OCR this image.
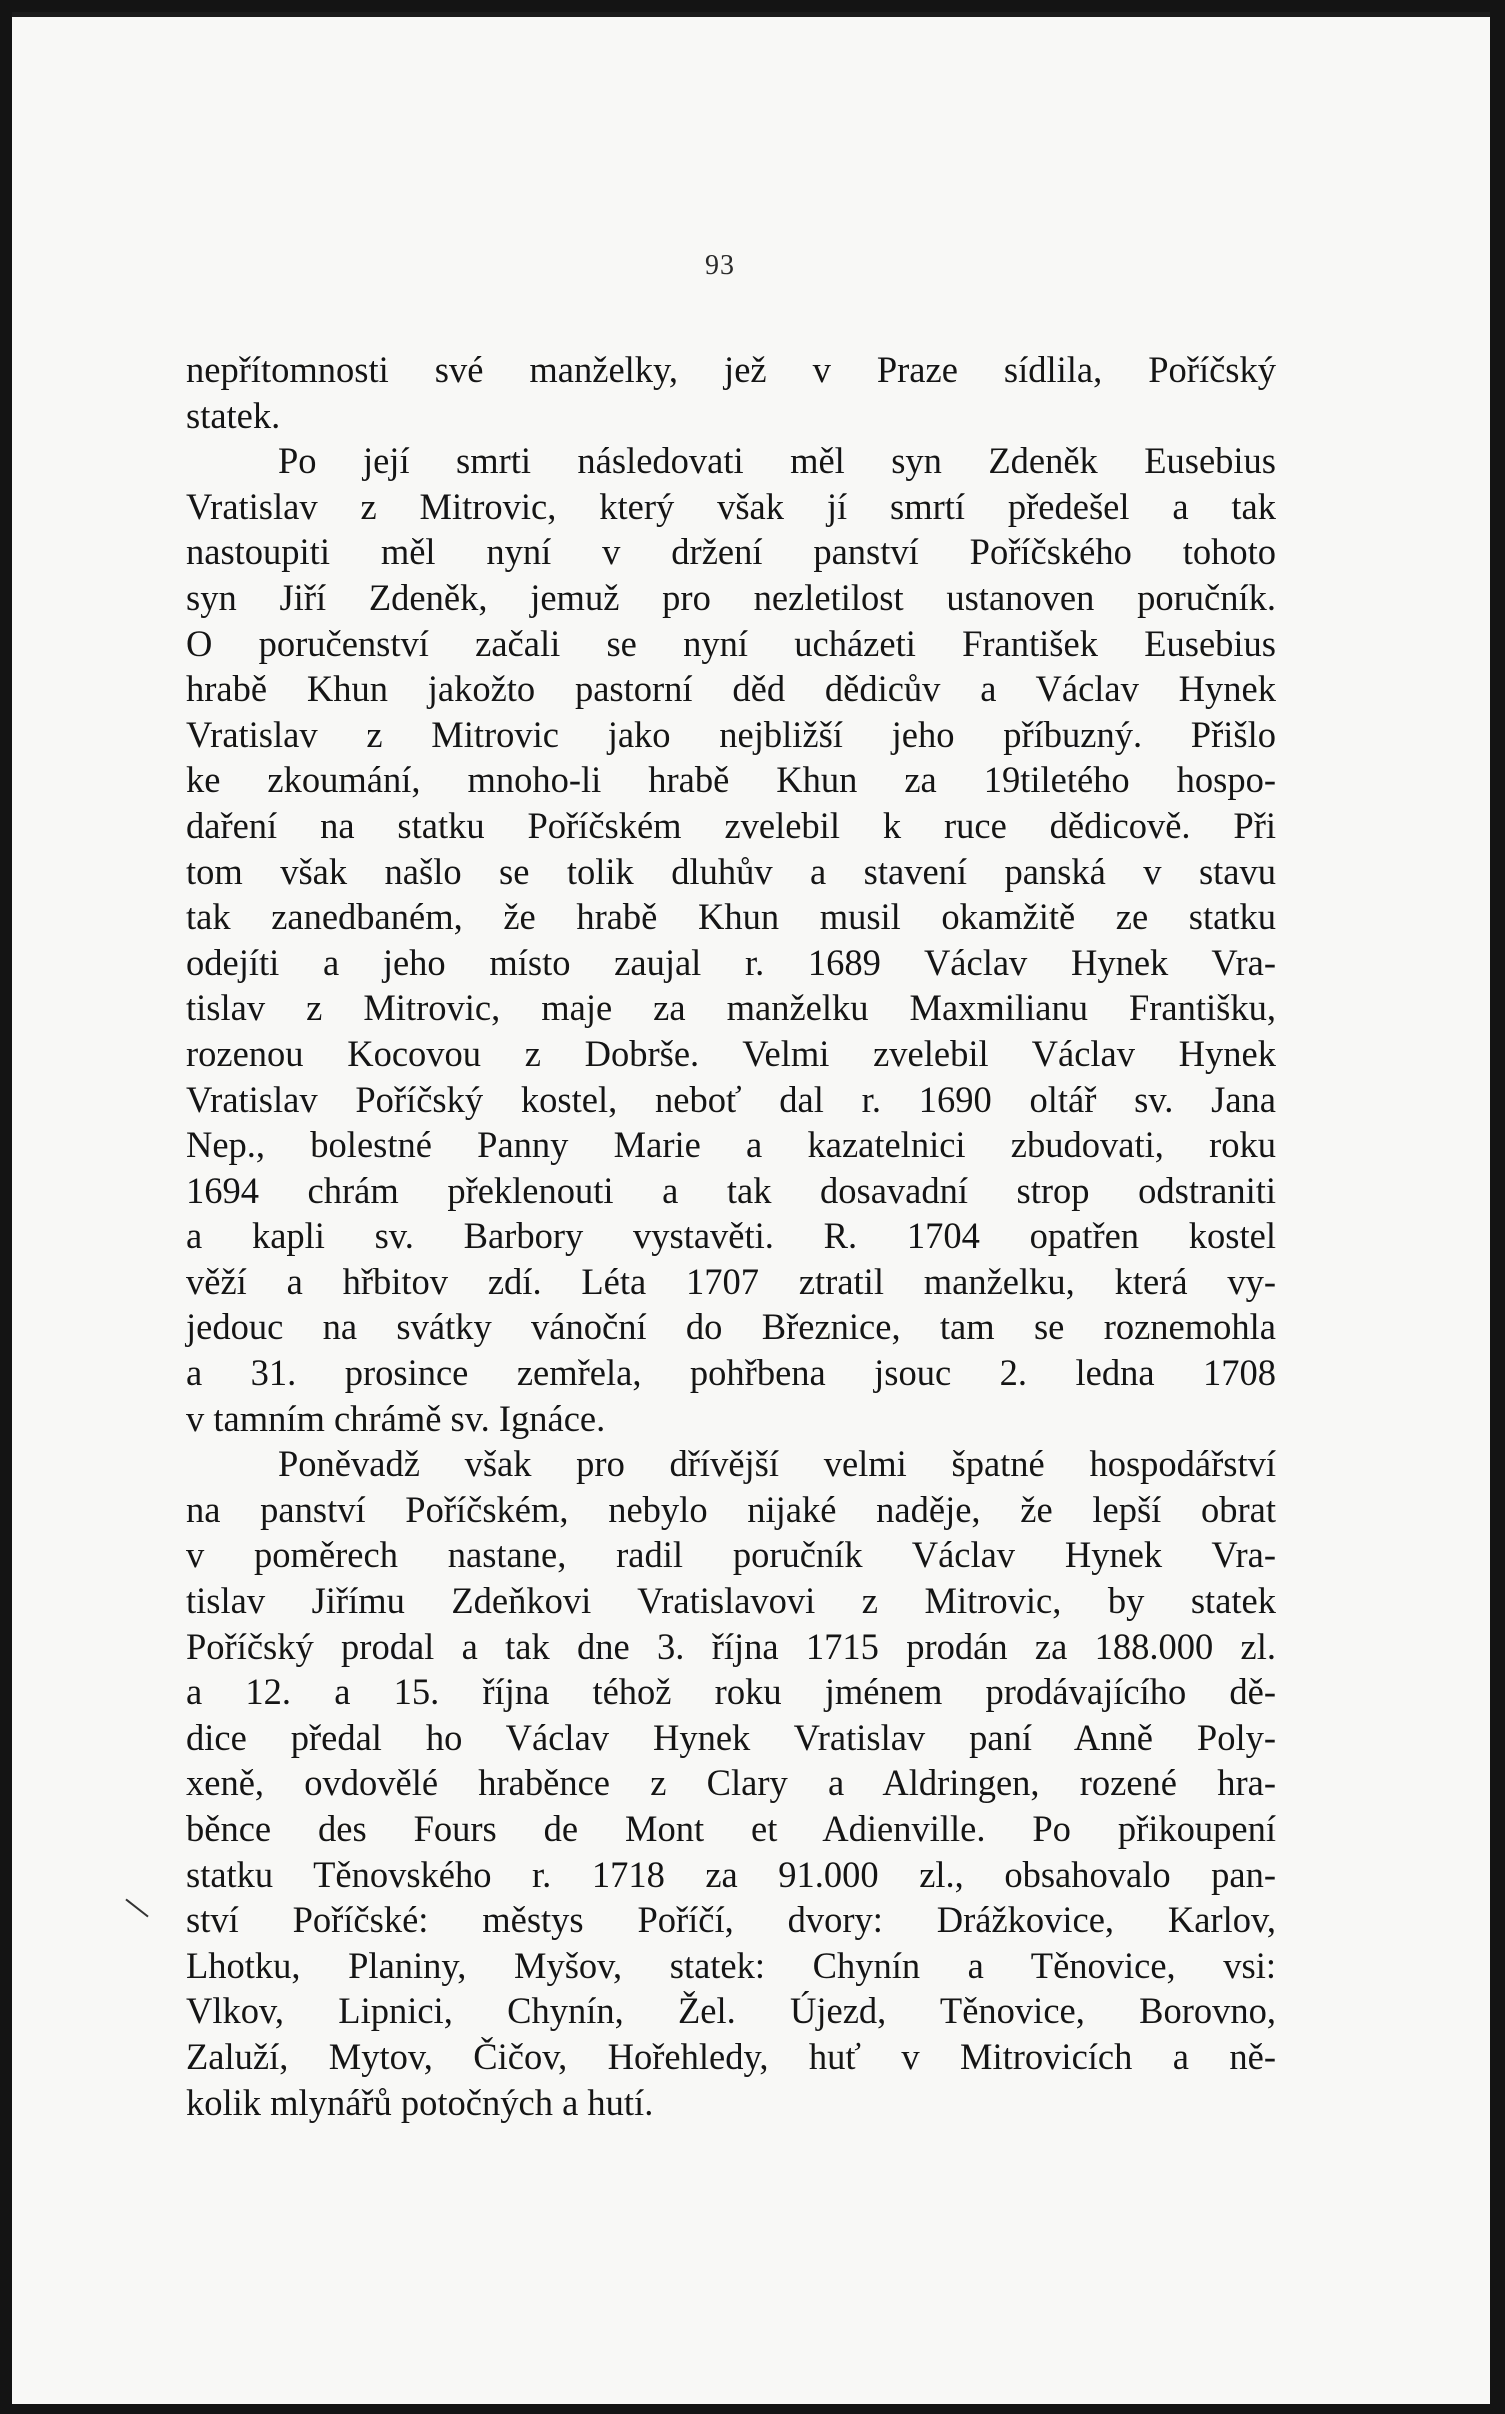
93
nepřítomnosti své manželky, jež v Praze sídlila, Poříčský
statek.
Po její smrti následovati měl syn Zdeněk Eusebius
Vratislav z Mitrovic, který však jí smrtí předešel a tak
nastoupiti měl nyní v držení panství Poříčského tohoto
syn Jiří Zdeněk, jemuž pro nezletilost ustanoven poručník.
O poručenství začali se nyní ucházeti František Eusebius
hrabě Khun jakožto pastorní děd dědicův a Václav Hynek
Vratislav z Mitrovic jako nejbližší jeho příbuzný. Přišlo
ke zkoumání, mnoho-li hrabě Khun za 19tiletého hospo-
daření na statku Poříčském zvelebil k ruce dědicově. Při
tom však našlo se tolik dluhův a stavení panská v stavu
tak zanedbaném, že hrabě Khun musil okamžitě ze statku
odejíti a jeho místo zaujal r. 1689 Václav Hynek Vra-
tislav z Mitrovic, maje za manželku Maxmilianu Františku,
rozenou Kocovou z Dobrše. Velmi zvelebil Václav Hynek
Vratislav Poříčský kostel, neboť dal r. 1690 oltář sv. Jana
Nep., bolestné Panny Marie a kazatelnici zbudovati, roku
1694 chrám překlenouti a tak dosavadní strop odstraniti
a kapli sv. Barbory vystavěti. R. 1704 opatřen kostel
věží a hřbitov zdí. Léta 1707 ztratil manželku, která vy-
jedouc na svátky vánoční do Březnice, tam se roznemohla
a 31. prosince zemřela, pohřbena jsouc 2. ledna 1708
v tamním chrámě sv. Ignáce.
Poněvadž však pro dřívější velmi špatné hospodářství
na panství Poříčském, nebylo nijaké naděje, že lepší obrat
v poměrech nastane, radil poručník Václav Hynek Vra-
tislav Jiřímu Zdeňkovi Vratislavovi z Mitrovic, by statek
Poříčský prodal a tak dne 3. října 1715 prodán za 188.000 zl.
a 12. a 15. října téhož roku jménem prodávajícího dě-
dice předal ho Václav Hynek Vratislav paní Anně Poly-
xeně, ovdovělé hraběnce z Clary a Aldringen, rozené hra-
běnce des Fours de Mont et Adienville. Po přikoupení
statku Těnovského r. 1718 za 91.000 zl., obsahovalo pan-
ství Poříčské: městys Poříčí, dvory: Drážkovice, Karlov,
Lhotku, Planiny, Myšov, statek: Chynín a Těnovice, vsi:
Vlkov, Lipnici, Chynín, Žel. Újezd, Těnovice, Borovno,
Zaluží, Mytov, Čičov, Hořehledy, huť v Mitrovicích a ně-
kolik mlynářů potočných a hutí.
